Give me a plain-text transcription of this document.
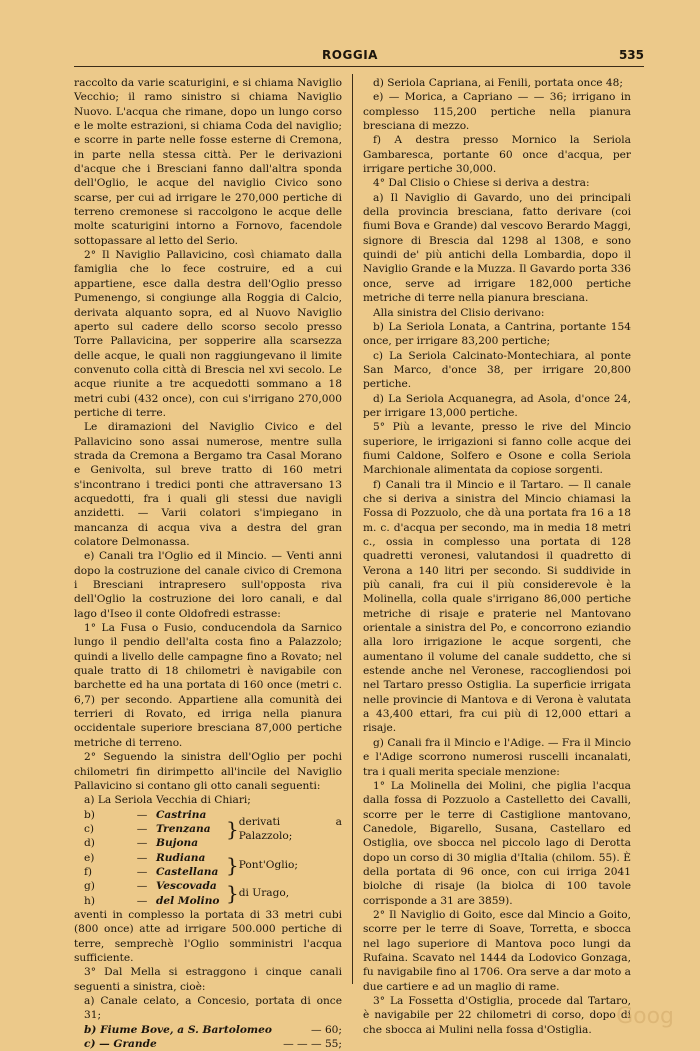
ROGGIA	535

raccolto da varie scaturigini, e si chiama Naviglio Vecchio; il ramo sinistro si chiama Naviglio Nuovo. L'acqua che rimane, dopo un lungo corso e le molte estrazioni, si chiama Coda del naviglio; e scorre in parte nelle fosse esterne di Cremona, in parte nella stessa città. Per le derivazioni d'acque che i Bresciani fanno dall'altra sponda dell'Oglio, le acque del naviglio Civico sono scarse, per cui ad irrigare le 270,000 pertiche di terreno cremonese si raccolgono le acque delle molte scaturigini intorno a Fornovo, facendole sottopassare al letto del Serio.

2° Il Naviglio Pallavicino, così chiamato dalla famiglia che lo fece costruire, ed a cui appartiene, esce dalla destra dell'Oglio presso Pumenengo, si congiunge alla Roggia di Calcio, derivata alquanto sopra, ed al Nuovo Naviglio aperto sul cadere dello scorso secolo presso Torre Pallavicina, per sopperire alla scarsezza delle acque, le quali non raggiungevano il limite convenuto colla città di Brescia nel xvi secolo. Le acque riunite a tre acquedotti sommano a 18 metri cubi (432 once), con cui s'irrigano 270,000 pertiche di terre.

Le diramazioni del Naviglio Civico e del Pallavicino sono assai numerose, mentre sulla strada da Cremona a Bergamo tra Casal Morano e Genivolta, sul breve tratto di 160 metri s'incontrano i tredici ponti che attraversano 13 acquedotti, fra i quali gli stessi due navigli anzidetti. — Varii colatori s'impiegano in mancanza di acqua viva a destra del gran colatore Delmonassa.

e) Canali tra l'Oglio ed il Mincio. — Venti anni dopo la costruzione del canale civico di Cremona i Bresciani intrapresero sull'opposta riva dell'Oglio la costruzione dei loro canali, e dal lago d'Iseo il conte Oldofredi estrasse:

1° La Fusa o Fusio, conducendola da Sarnico lungo il pendio dell'alta costa fino a Palazzolo; quindi a livello delle campagne fino a Rovato; nel quale tratto di 18 chilometri è navigabile con barchette ed ha una portata di 160 once (metri c. 6,7) per secondo. Appartiene alla comunità dei terrieri di Rovato, ed irriga nella pianura occidentale superiore bresciana 87,000 pertiche metriche di terreno.

2° Seguendo la sinistra dell'Oglio per pochi chilometri fin dirimpetto all'incile del Naviglio Pallavicino si contano gli otto canali seguenti:

a) La Seriola Vecchia di Chiari;

b)	—	Castrina	}	derivati a Palazzolo;
c)	—	Trenzana		
d)	—	Bujona		
e)	—	Rudiana	}	Pont'Oglio;
f)	—	Castellana		
g)	—	Vescovada	}	di Urago,
h)	—	del Molino		

aventi in complesso la portata di 33 metri cubi (800 once) atte ad irrigare 500.000 pertiche di terre, semprechè l'Oglio somministri l'acqua sufficiente.

3° Dal Mella si estraggono i cinque canali seguenti a sinistra, cioè:

a) Canale celato, a Concesio, portata di once 31;

b) Fiume Bove, a S. Bartolomeo	— 60;
c) — Grande	— — — 55;

d) Seriola Capriana, ai Fenili, portata once 48;

e) — Morica, a Capriano — — 36; irrigano in complesso 115,200 pertiche nella pianura bresciana di mezzo.

f) A destra presso Mornico la Seriola Gambaresca, portante 60 once d'acqua, per irrigare pertiche 30,000.

4° Dal Clisio o Chiese si deriva a destra:

a) Il Naviglio di Gavardo, uno dei principali della provincia bresciana, fatto derivare (coi fiumi Bova e Grande) dal vescovo Berardo Maggi, signore di Brescia dal 1298 al 1308, e sono quindi de' più antichi della Lombardia, dopo il Naviglio Grande e la Muzza. Il Gavardo porta 336 once, serve ad irrigare 182,000 pertiche metriche di terre nella pianura bresciana.

Alla sinistra del Clisio derivano:

b) La Seriola Lonata, a Cantrina, portante 154 once, per irrigare 83,200 pertiche;

c) La Seriola Calcinato-Montechiara, al ponte San Marco, d'once 38, per irrigare 20,800 pertiche.

d) La Seriola Acquanegra, ad Asola, d'once 24, per irrigare 13,000 pertiche.

5° Più a levante, presso le rive del Mincio superiore, le irrigazioni si fanno colle acque dei fiumi Caldone, Solfero e Osone e colla Seriola Marchionale alimentata da copiose sorgenti.

f) Canali tra il Mincio e il Tartaro. — Il canale che si deriva a sinistra del Mincio chiamasi la Fossa di Pozzuolo, che dà una portata fra 16 a 18 m. c. d'acqua per secondo, ma in media 18 metri c., ossia in complesso una portata di 128 quadretti veronesi, valutandosi il quadretto di Verona a 140 litri per secondo. Si suddivide in più canali, fra cui il più considerevole è la Molinella, colla quale s'irrigano 86,000 pertiche metriche di risaje e praterie nel Mantovano orientale a sinistra del Po, e concorrono eziandio alla loro irrigazione le acque sorgenti, che aumentano il volume del canale suddetto, che si estende anche nel Veronese, raccogliendosi poi nel Tartaro presso Ostiglia. La superficie irrigata nelle provincie di Mantova e di Verona è valutata a 43,400 ettari, fra cui più di 12,000 ettari a risaje.

g) Canali fra il Mincio e l'Adige. — Fra il Mincio e l'Adige scorrono numerosi ruscelli incanalati, tra i quali merita speciale menzione:

1° La Molinella dei Molini, che piglia l'acqua dalla fossa di Pozzuolo a Castelletto dei Cavalli, scorre per le terre di Castiglione mantovano, Canedole, Bigarello, Susana, Castellaro ed Ostiglia, ove sbocca nel piccolo lago di Derotta dopo un corso di 30 miglia d'Italia (chilom. 55). È della portata di 96 once, con cui irriga 2041 biolche di risaje (la biolca di 100 tavole corrisponde a 31 are 3859).

2° Il Naviglio di Goito, esce dal Mincio a Goito, scorre per le terre di Soave, Torretta, e sbocca nel lago superiore di Mantova poco lungi da Rufaina. Scavato nel 1444 da Lodovico Gonzaga, fu navigabile fino al 1706. Ora serve a dar moto a due cartiere e ad un maglio di rame.

3° La Fossetta d'Ostiglia, procede dal Tartaro, è navigabile per 22 chilometri di corso, dopo di che sbocca ai Mulini nella fossa d'Ostiglia.

Goog
